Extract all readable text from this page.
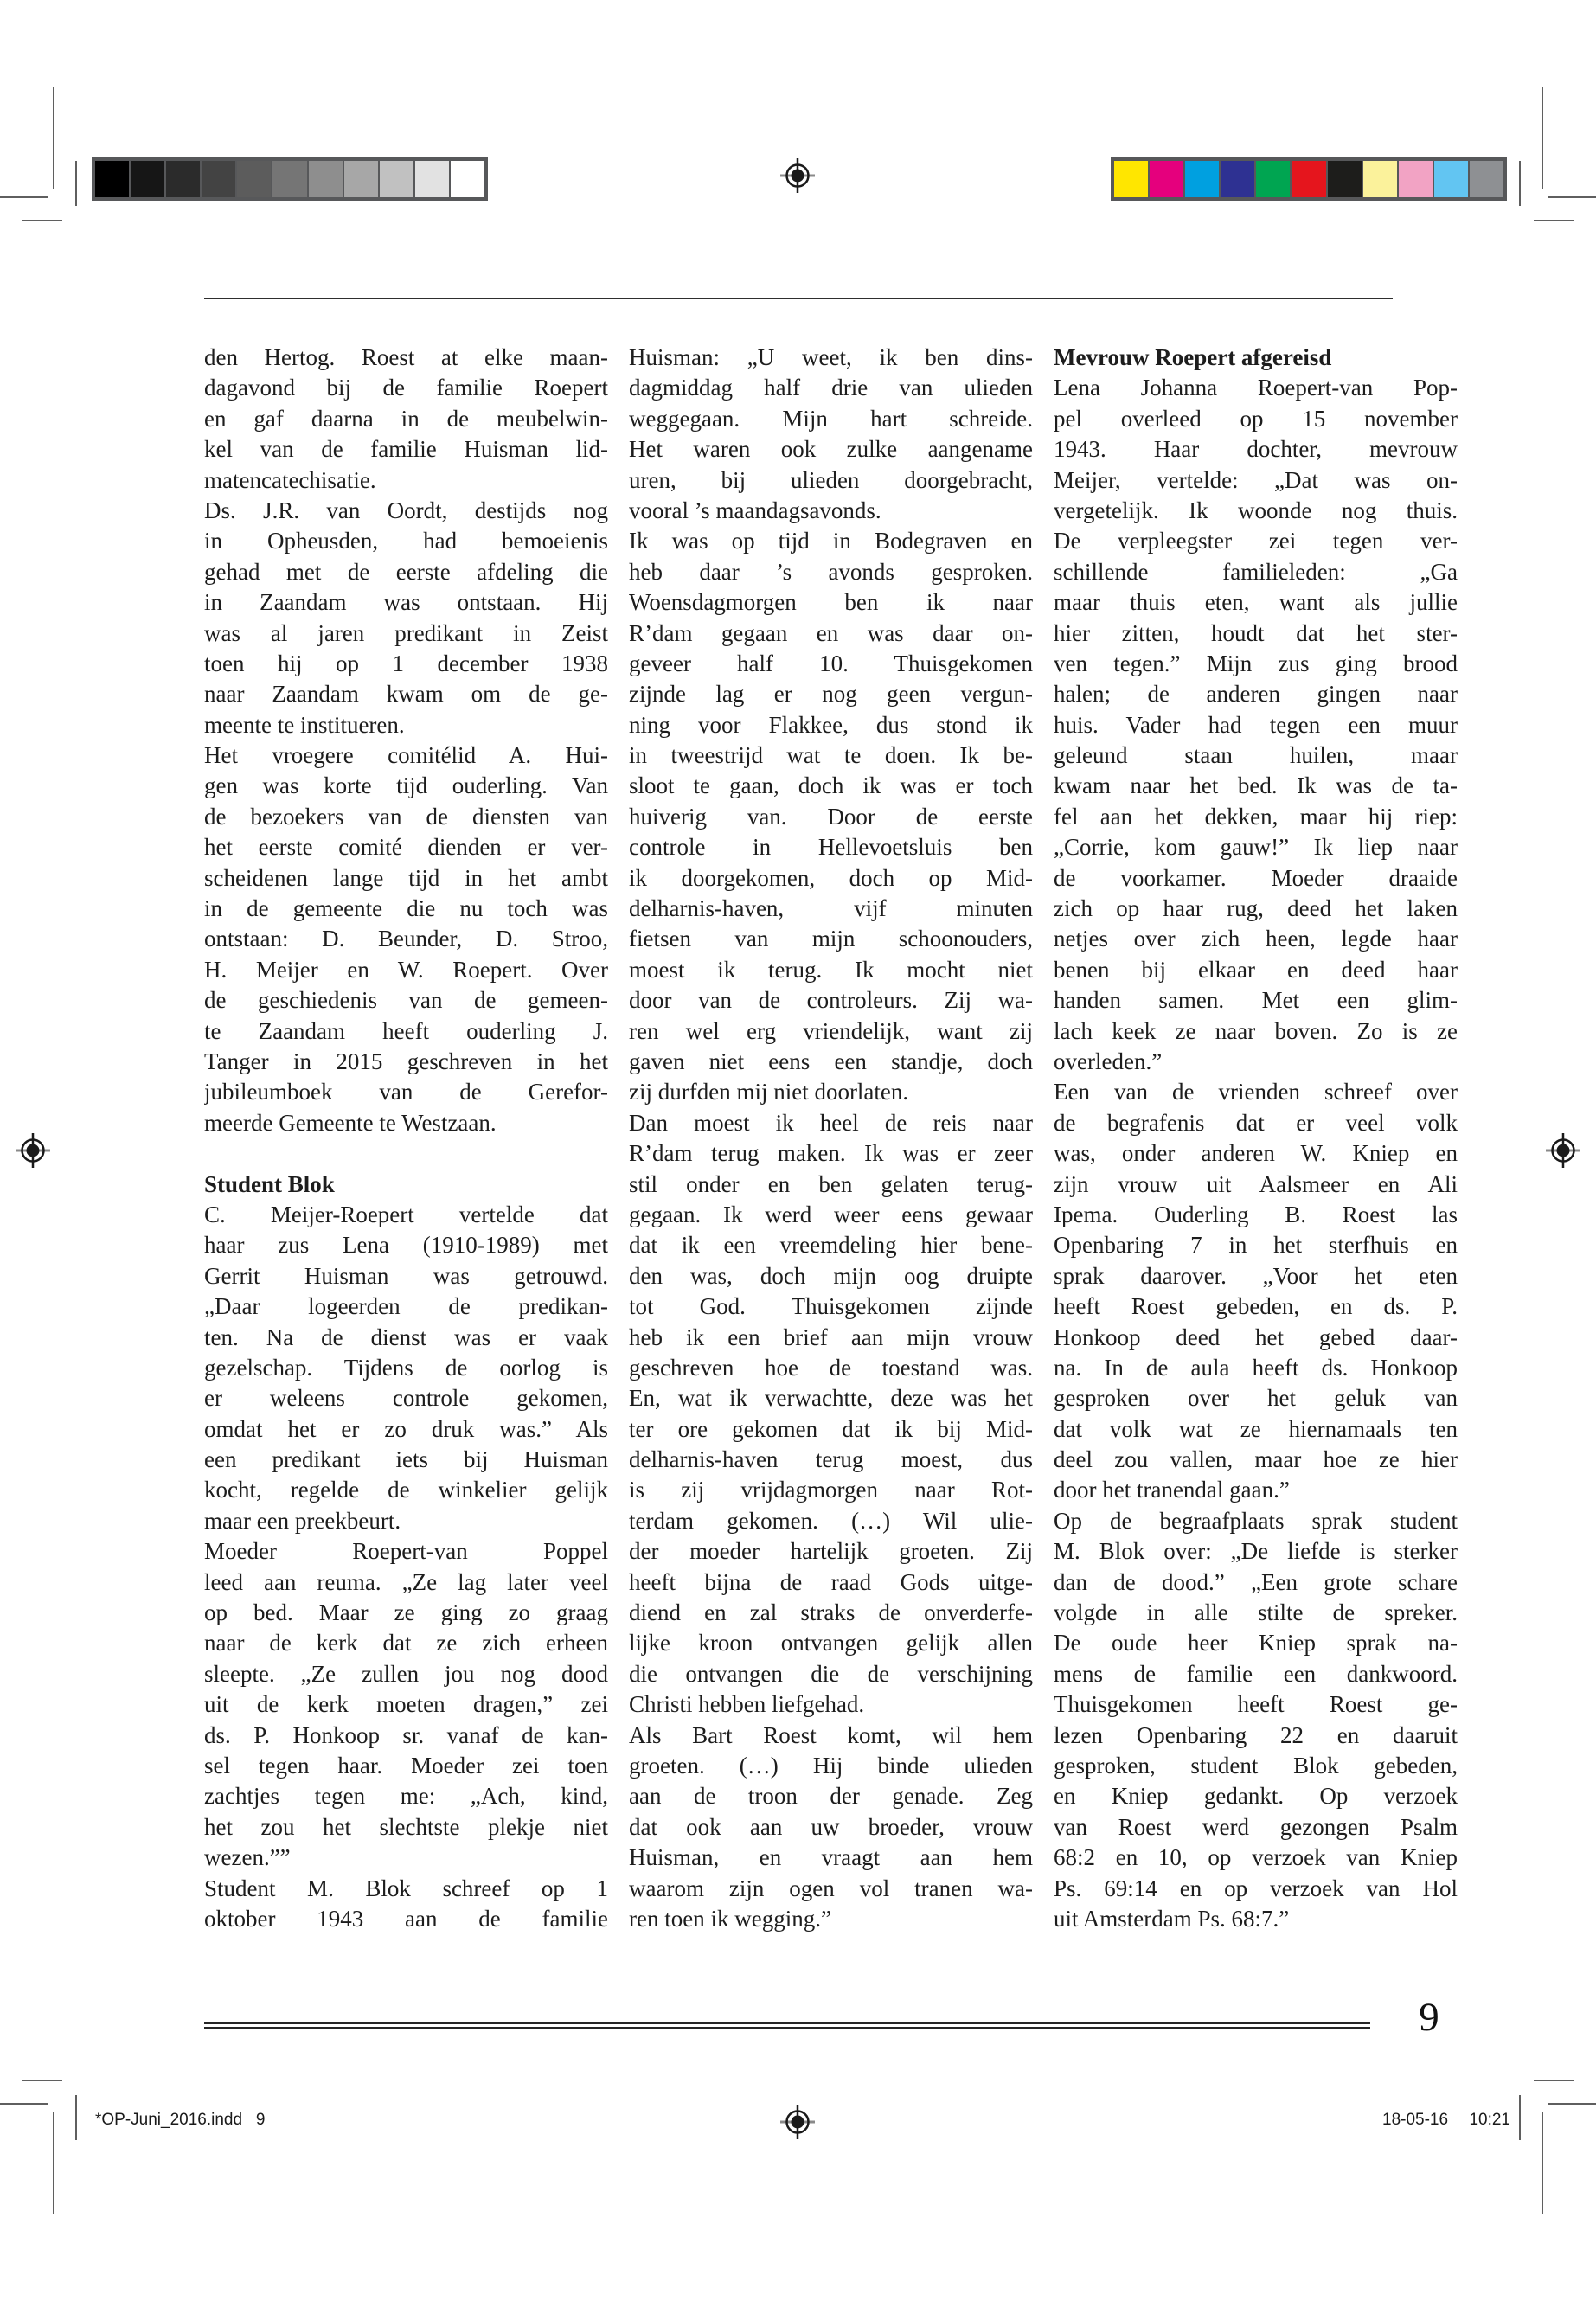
den Hertog. Roest at elke maan-
dagavond bij de familie Roepert
en gaf daarna in de meubelwin-
kel van de familie Huisman lid-
matencatechisatie.
Ds. J.R. van Oordt, destijds nog
in Opheusden, had bemoeienis
gehad met de eerste afdeling die
in Zaandam was ontstaan. Hij
was al jaren predikant in Zeist
toen hij op 1 december 1938
naar Zaandam kwam om de ge-
meente te institueren.
Het vroegere comitélid A. Hui-
gen was korte tijd ouderling. Van
de bezoekers van de diensten van
het eerste comité dienden er ver-
scheidenen lange tijd in het ambt
in de gemeente die nu toch was
ontstaan: D. Beunder, D. Stroo,
H. Meijer en W. Roepert. Over
de geschiedenis van de gemeen-
te Zaandam heeft ouderling J.
Tanger in 2015 geschreven in het
jubileumboek van de Gerefor-
meerde Gemeente te Westzaan.
Student Blok
C. Meijer-Roepert vertelde dat
haar zus Lena (1910-1989) met
Gerrit Huisman was getrouwd.
„Daar logeerden de predikan-
ten. Na de dienst was er vaak
gezelschap. Tijdens de oorlog is
er weleens controle gekomen,
omdat het er zo druk was.” Als
een predikant iets bij Huisman
kocht, regelde de winkelier gelijk
maar een preekbeurt.
Moeder Roepert-van Poppel
leed aan reuma. „Ze lag later veel
op bed. Maar ze ging zo graag
naar de kerk dat ze zich erheen
sleepte. „Ze zullen jou nog dood
uit de kerk moeten dragen,” zei
ds. P. Honkoop sr. vanaf de kan-
sel tegen haar. Moeder zei toen
zachtjes tegen me: „Ach, kind,
het zou het slechtste plekje niet
wezen.””
Student M. Blok schreef op 1
oktober 1943 aan de familie
Huisman: „U weet, ik ben dins-
dagmiddag half drie van ulieden
weggegaan. Mijn hart schreide.
Het waren ook zulke aangename
uren, bij ulieden doorgebracht,
vooral ’s maandagsavonds.
Ik was op tijd in Bodegraven en
heb daar ’s avonds gesproken.
Woensdagmorgen ben ik naar
R’dam gegaan en was daar on-
geveer half 10. Thuisgekomen
zijnde lag er nog geen vergun-
ning voor Flakkee, dus stond ik
in tweestrijd wat te doen. Ik be-
sloot te gaan, doch ik was er toch
huiverig van. Door de eerste
controle in Hellevoetsluis ben
ik doorgekomen, doch op Mid-
delharnis-haven, vijf minuten
fietsen van mijn schoonouders,
moest ik terug. Ik mocht niet
door van de controleurs. Zij wa-
ren wel erg vriendelijk, want zij
gaven niet eens een standje, doch
zij durfden mij niet doorlaten.
Dan moest ik heel de reis naar
R’dam terug maken. Ik was er zeer
stil onder en ben gelaten terug-
gegaan. Ik werd weer eens gewaar
dat ik een vreemdeling hier bene-
den was, doch mijn oog druipte
tot God. Thuisgekomen zijnde
heb ik een brief aan mijn vrouw
geschreven hoe de toestand was.
En, wat ik verwachtte, deze was het
ter ore gekomen dat ik bij Mid-
delharnis-haven terug moest, dus
is zij vrijdagmorgen naar Rot-
terdam gekomen. (…) Wil ulie-
der moeder hartelijk groeten. Zij
heeft bijna de raad Gods uitge-
diend en zal straks de onverderfe-
lijke kroon ontvangen gelijk allen
die ontvangen die de verschijning
Christi hebben liefgehad.
Als Bart Roest komt, wil hem
groeten. (…) Hij binde ulieden
aan de troon der genade. Zeg
dat ook aan uw broeder, vrouw
Huisman, en vraagt aan hem
waarom zijn ogen vol tranen wa-
ren toen ik wegging.”
Mevrouw Roepert afgereisd
Lena Johanna Roepert-van Pop-
pel overleed op 15 november
1943. Haar dochter, mevrouw
Meijer, vertelde: „Dat was on-
vergetelijk. Ik woonde nog thuis.
De verpleegster zei tegen ver-
schillende familieleden: „Ga
maar thuis eten, want als jullie
hier zitten, houdt dat het ster-
ven tegen.” Mijn zus ging brood
halen; de anderen gingen naar
huis. Vader had tegen een muur
geleund staan huilen, maar
kwam naar het bed. Ik was de ta-
fel aan het dekken, maar hij riep:
„Corrie, kom gauw!” Ik liep naar
de voorkamer. Moeder draaide
zich op haar rug, deed het laken
netjes over zich heen, legde haar
benen bij elkaar en deed haar
handen samen. Met een glim-
lach keek ze naar boven. Zo is ze
overleden.”
Een van de vrienden schreef over
de begrafenis dat er veel volk
was, onder anderen W. Kniep en
zijn vrouw uit Aalsmeer en Ali
Ipema. Ouderling B. Roest las
Openbaring 7 in het sterfhuis en
sprak daarover. „Voor het eten
heeft Roest gebeden, en ds. P.
Honkoop deed het gebed daar-
na. In de aula heeft ds. Honkoop
gesproken over het geluk van
dat volk wat ze hiernamaals ten
deel zou vallen, maar hoe ze hier
door het tranendal gaan.”
Op de begraafplaats sprak student
M. Blok over: „De liefde is sterker
dan de dood.” „Een grote schare
volgde in alle stilte de spreker.
De oude heer Kniep sprak na-
mens de familie een dankwoord.
Thuisgekomen heeft Roest ge-
lezen Openbaring 22 en daaruit
gesproken, student Blok gebeden,
en Kniep gedankt. Op verzoek
van Roest werd gezongen Psalm
68:2 en 10, op verzoek van Kniep
Ps. 69:14 en op verzoek van Hol
uit Amsterdam Ps. 68:7.”
9
*OP-Juni_2016.indd   9	18-05-16 10:21
